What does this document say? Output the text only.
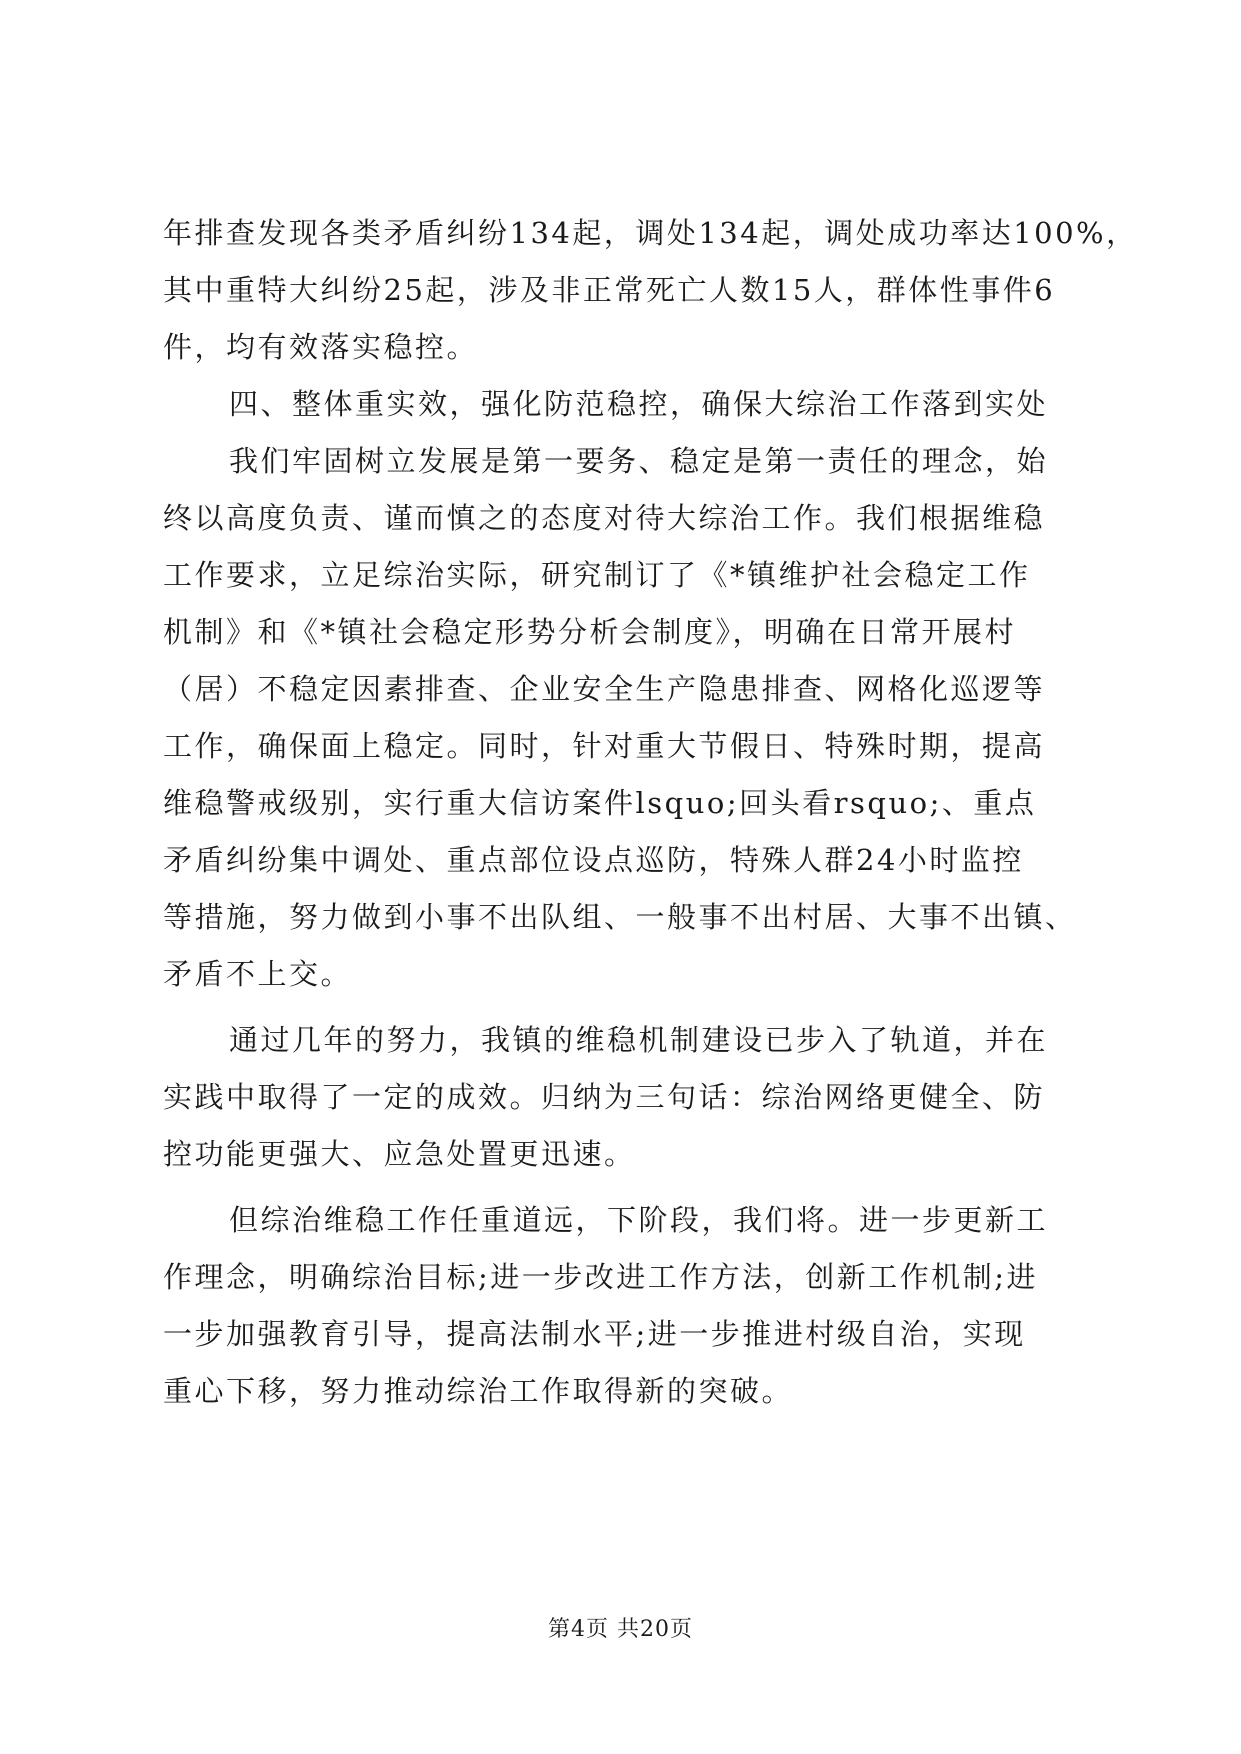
年排查发现各类矛盾纠纷134起，调处134起，调处成功率达100%，
其中重特大纠纷25起，涉及非正常死亡人数15人，群体性事件6
件，均有效落实稳控。
四、整体重实效，强化防范稳控，确保大综治工作落到实处
我们牢固树立发展是第一要务、稳定是第一责任的理念，始
终以高度负责、谨而慎之的态度对待大综治工作。我们根据维稳
工作要求，立足综治实际，研究制订了《*镇维护社会稳定工作
机制》和《*镇社会稳定形势分析会制度》，明确在日常开展村
（居）不稳定因素排查、企业安全生产隐患排查、网格化巡逻等
工作，确保面上稳定。同时，针对重大节假日、特殊时期，提高
维稳警戒级别，实行重大信访案件lsquo;回头看rsquo;、重点
矛盾纠纷集中调处、重点部位设点巡防，特殊人群24小时监控
等措施，努力做到小事不出队组、一般事不出村居、大事不出镇、
矛盾不上交。
通过几年的努力，我镇的维稳机制建设已步入了轨道，并在
实践中取得了一定的成效。归纳为三句话：综治网络更健全、防
控功能更强大、应急处置更迅速。
但综治维稳工作任重道远，下阶段，我们将。进一步更新工
作理念，明确综治目标;进一步改进工作方法，创新工作机制;进
一步加强教育引导，提高法制水平;进一步推进村级自治，实现
重心下移，努力推动综治工作取得新的突破。
第4页 共20页
